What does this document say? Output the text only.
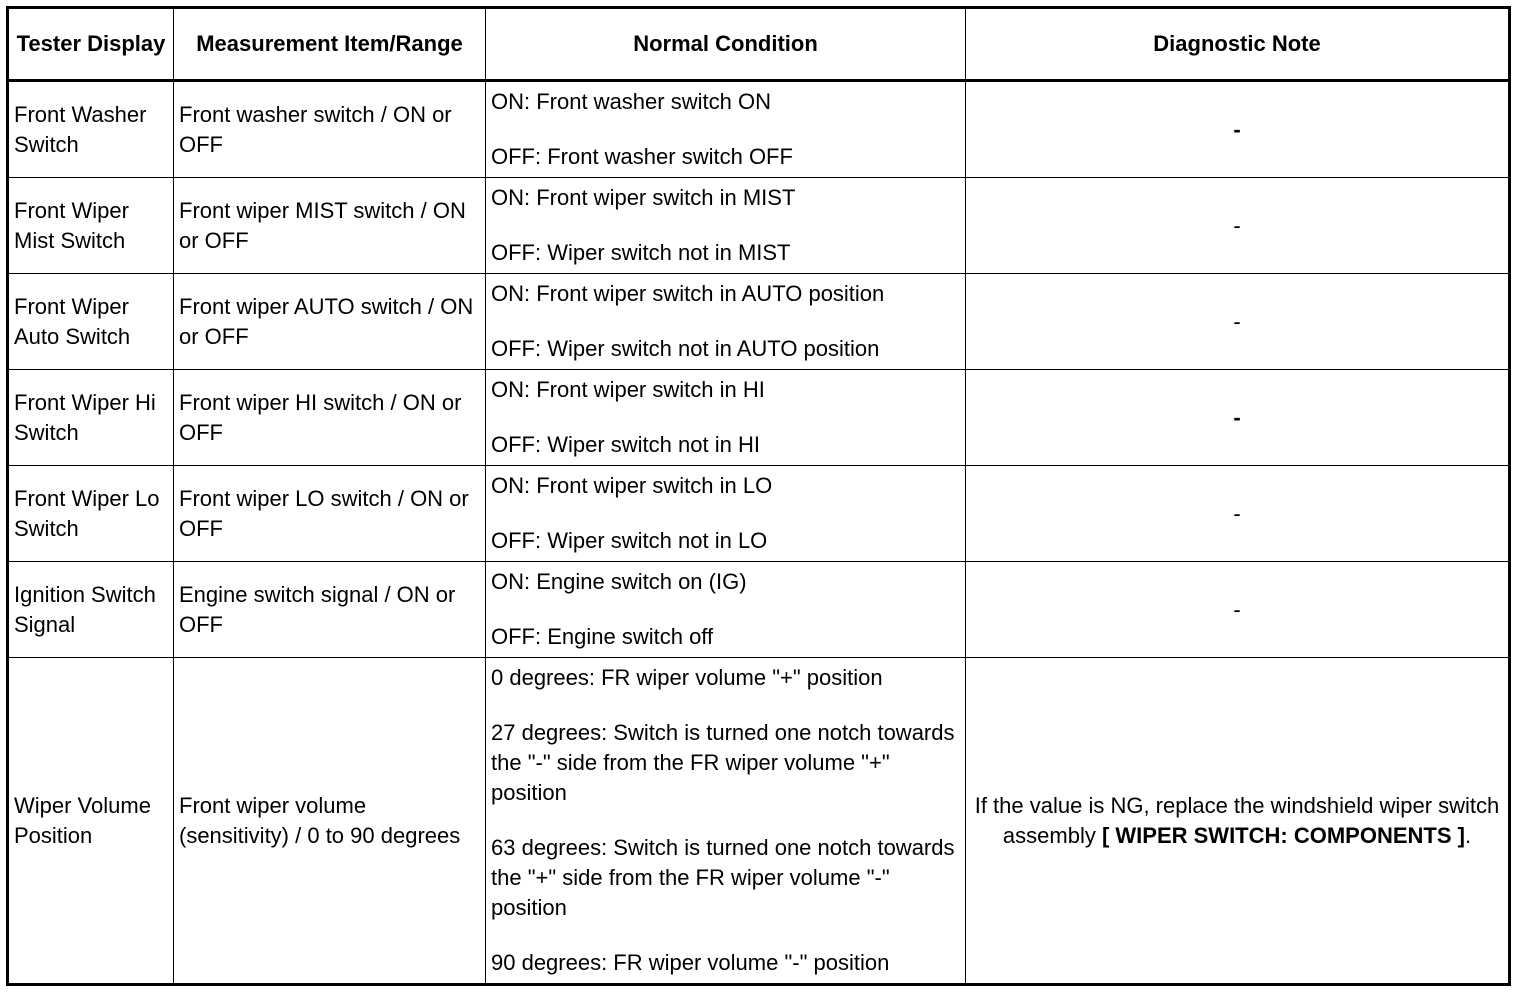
Tester Display	Measurement Item/Range	Normal Condition	Diagnostic Note
Front Washer Switch	Front washer switch / ON or OFF	ON: Front washer switch ON

OFF: Front washer switch OFF	-
Front Wiper Mist Switch	Front wiper MIST switch / ON or OFF	ON: Front wiper switch in MIST

OFF: Wiper switch not in MIST	-
Front Wiper Auto Switch	Front wiper AUTO switch / ON or OFF	ON: Front wiper switch in AUTO position

OFF: Wiper switch not in AUTO position	-
Front Wiper Hi Switch	Front wiper HI switch / ON or OFF	ON: Front wiper switch in HI

OFF: Wiper switch not in HI	-
Front Wiper Lo Switch	Front wiper LO switch / ON or OFF	ON: Front wiper switch in LO

OFF: Wiper switch not in LO	-
Ignition Switch Signal	Engine switch signal / ON or OFF	ON: Engine switch on (IG)

OFF: Engine switch off	-
Wiper Volume Position	Front wiper volume (sensitivity) / 0 to 90 degrees	0 degrees: FR wiper volume "+" position

27 degrees: Switch is turned one notch towards the "-" side from the FR wiper volume "+" position

63 degrees: Switch is turned one notch towards the "+" side from the FR wiper volume "-" position

90 degrees: FR wiper volume "-" position	If the value is NG, replace the windshield wiper switch assembly [ WIPER SWITCH: COMPONENTS ].
